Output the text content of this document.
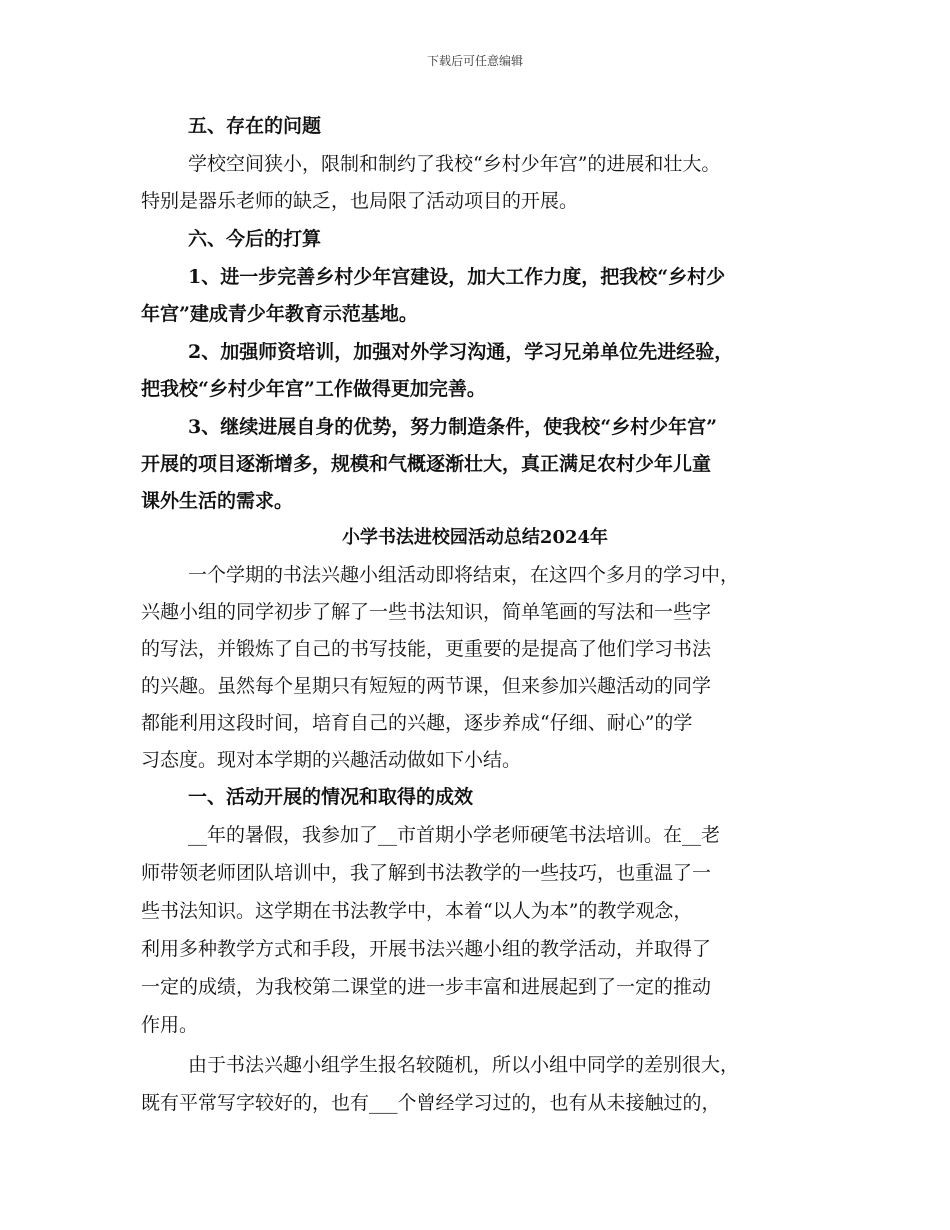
下载后可任意编辑
五、存在的问题
学校空间狭小，限制和制约了我校“乡村少年宫”的进展和壮大。
特别是器乐老师的缺乏，也局限了活动项目的开展。
六、今后的打算
1、进一步完善乡村少年宫建设，加大工作力度，把我校“乡村少
年宫”建成青少年教育示范基地。
2、加强师资培训，加强对外学习沟通，学习兄弟单位先进经验，
把我校“乡村少年宫”工作做得更加完善。
3、继续进展自身的优势，努力制造条件，使我校“乡村少年宫”
开展的项目逐渐增多，规模和气概逐渐壮大，真正满足农村少年儿童
课外生活的需求。
小学书法进校园活动总结2024年
一个学期的书法兴趣小组活动即将结束，在这四个多月的学习中，
兴趣小组的同学初步了解了一些书法知识，简单笔画的写法和一些字
的写法，并锻炼了自己的书写技能，更重要的是提高了他们学习书法
的兴趣。虽然每个星期只有短短的两节课，但来参加兴趣活动的同学
都能利用这段时间，培育自己的兴趣，逐步养成“仔细、耐心”的学
习态度。现对本学期的兴趣活动做如下小结。
一、活动开展的情况和取得的成效
__年的暑假，我参加了__市首期小学老师硬笔书法培训。在__老
师带领老师团队培训中，我了解到书法教学的一些技巧，也重温了一
些书法知识。这学期在书法教学中，本着“以人为本”的教学观念，
利用多种教学方式和手段，开展书法兴趣小组的教学活动，并取得了
一定的成绩，为我校第二课堂的进一步丰富和进展起到了一定的推动
作用。
由于书法兴趣小组学生报名较随机，所以小组中同学的差别很大，
既有平常写字较好的，也有___个曾经学习过的，也有从未接触过的，
